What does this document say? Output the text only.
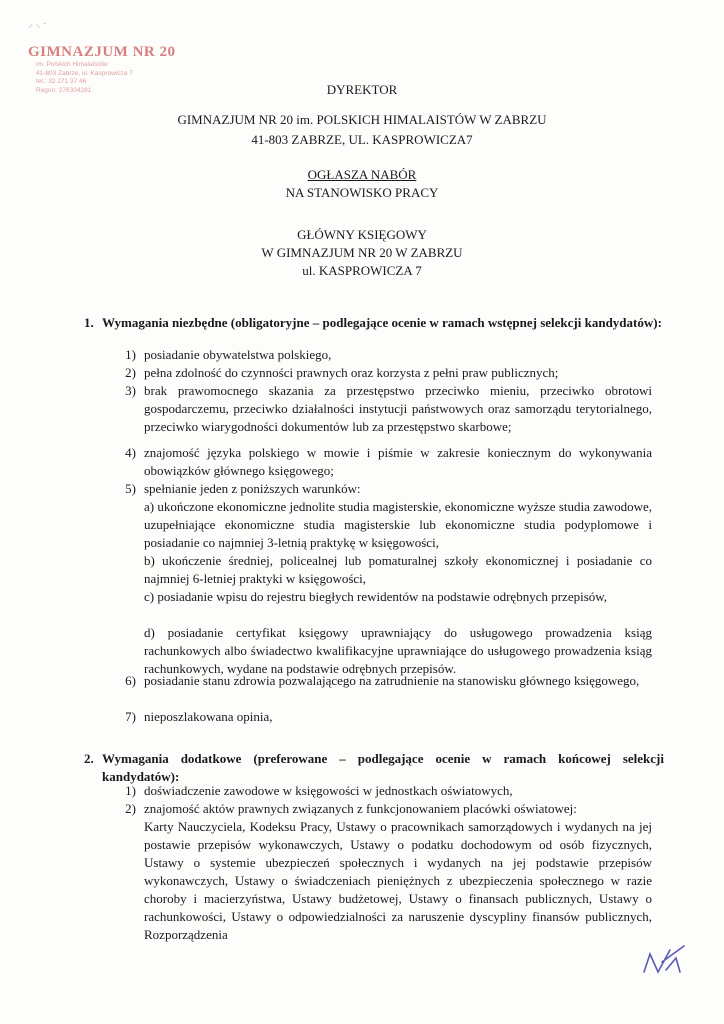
⸝ ⸜ ·
GIMNAZJUM NR 20
im. Polskich Himalaistów
41-803 Zabrze, ul. Kasprowicza 7
tel.: 32 271 37 46
Regon: 276304281	DYREKTOR
GIMNAZJUM NR 20 im. POLSKICH HIMALAISTÓW W ZABRZU
41-803 ZABRZE, UL. KASPROWICZA7
OGŁASZA NABÓR
NA STANOWISKO PRACY
GŁÓWNY KSIĘGOWY
W GIMNAZJUM NR 20 W ZABRZU
ul. KASPROWICZA 7
1. Wymagania niezbędne (obligatoryjne – podlegające ocenie w ramach wstępnej selekcji kandydatów):
1) posiadanie obywatelstwa polskiego,
2) pełna zdolność do czynności prawnych oraz korzysta z pełni praw publicznych;
3) brak prawomocnego skazania za przestępstwo przeciwko mieniu, przeciwko obrotowi gospodarczemu, przeciwko działalności instytucji państwowych oraz samorządu terytorialnego, przeciwko wiarygodności dokumentów lub za przestępstwo skarbowe;
4) znajomość języka polskiego w mowie i piśmie w zakresie koniecznym do wykonywania obowiązków głównego księgowego;
5) spełnianie jeden z poniższych warunków:
a) ukończone ekonomiczne jednolite studia magisterskie, ekonomiczne wyższe studia zawodowe, uzupełniające ekonomiczne studia magisterskie lub ekonomiczne studia podyplomowe i posiadanie co najmniej 3-letnią praktykę w księgowości,
b) ukończenie średniej, policealnej lub pomaturalnej szkoły ekonomicznej i posiadanie co najmniej 6-letniej praktyki w księgowości,
c) posiadanie wpisu do rejestru biegłych rewidentów na podstawie odrębnych przepisów,
d) posiadanie certyfikat księgowy uprawniający do usługowego prowadzenia ksiąg rachunkowych albo świadectwo kwalifikacyjne uprawniające do usługowego prowadzenia ksiąg rachunkowych, wydane na podstawie odrębnych przepisów.
6) posiadanie stanu zdrowia pozwalającego na zatrudnienie na stanowisku głównego księgowego,
7) nieposzlakowana opinia,
2. Wymagania dodatkowe (preferowane – podlegające ocenie w ramach końcowej selekcji kandydatów):
1) doświadczenie zawodowe w księgowości w jednostkach oświatowych,
2) znajomość aktów prawnych związanych z funkcjonowaniem placówki oświatowej:
Karty Nauczyciela, Kodeksu Pracy, Ustawy o pracownikach samorządowych i wydanych na jej postawie przepisów wykonawczych, Ustawy o podatku dochodowym od osób fizycznych, Ustawy o systemie ubezpieczeń społecznych i wydanych na jej podstawie przepisów wykonawczych, Ustawy o świadczeniach pieniężnych z ubezpieczenia społecznego w razie choroby i macierzyństwa, Ustawy budżetowej, Ustawy o finansach publicznych, Ustawy o rachunkowości, Ustawy o odpowiedzialności za naruszenie dyscypliny finansów publicznych, Rozporządzenia
